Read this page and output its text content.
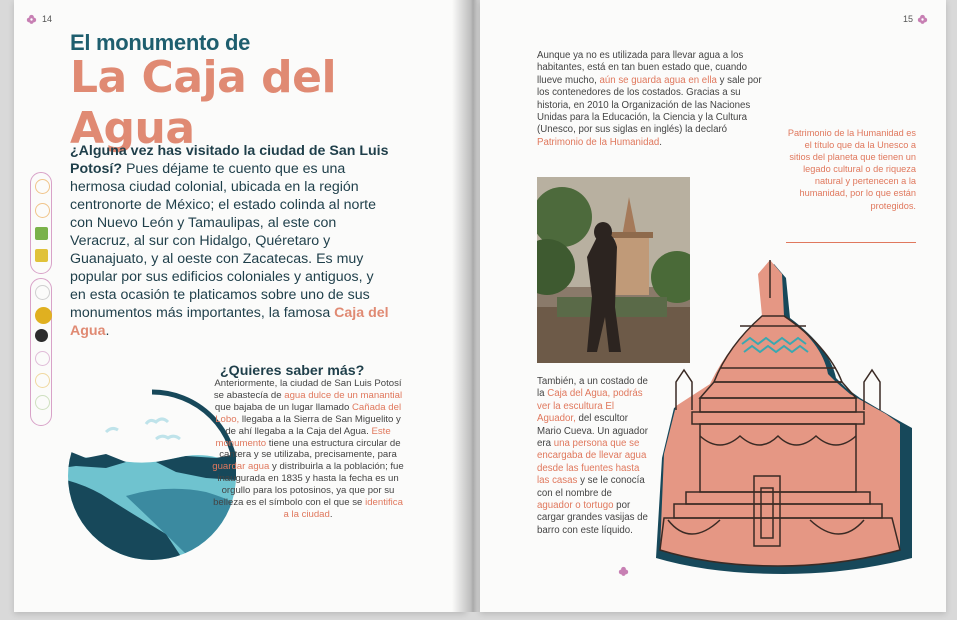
14
El monumento de
La Caja del Agua
¿Alguna vez has visitado la ciudad de San Luis Potosí? Pues déjame te cuento que es una hermosa ciudad colonial, ubicada en la región centronorte de México; el estado colinda al norte con Nuevo León y Tamaulipas, al este con Veracruz, al sur con Hidalgo, Quéretaro y Guanajuato, y al oeste con Zacatecas. Es muy popular por sus edificios coloniales y antiguos, y en esta ocasión te platicamos sobre uno de sus monumentos más importantes, la famosa Caja del Agua.
¿Quieres saber más?
Anteriormente, la ciudad de San Luis Potosí se abastecía de agua dulce de un manantial que bajaba de un lugar llamado Cañada del Lobo, llegaba a la Sierra de San Miguelito y de ahí llegaba a la Caja del Agua. Este monumento tiene una estructura circular de cantera y se utilizaba, precisamente, para guardar agua y distribuirla a la población; fue inaugurada en 1835 y hasta la fecha es un orgullo para los potosinos, ya que por su belleza es el símbolo con el que se identifica a la ciudad.
15
Aunque ya no es utilizada para llevar agua a los habitantes, está en tan buen estado que, cuando llueve mucho, aún se guarda agua en ella y sale por los contenedores de los costados. Gracias a su historia, en 2010 la Organización de las Naciones Unidas para la Educación, la Ciencia y la Cultura (Unesco, por sus siglas en inglés) la declaró Patrimonio de la Humanidad.
Patrimonio de la Humanidad es el título que da la Unesco a sitios del planeta que tienen un legado cultural o de riqueza natural y pertenecen a la humanidad, por lo que están protegidos.
También, a un costado de la Caja del Agua, podrás ver la escultura El Aguador, del escultor Mario Cueva. Un aguador era una persona que se encargaba de llevar agua desde las fuentes hasta las casas y se le conocía con el nombre de aguador o tortugo por cargar grandes vasijas de barro con este líquido.
